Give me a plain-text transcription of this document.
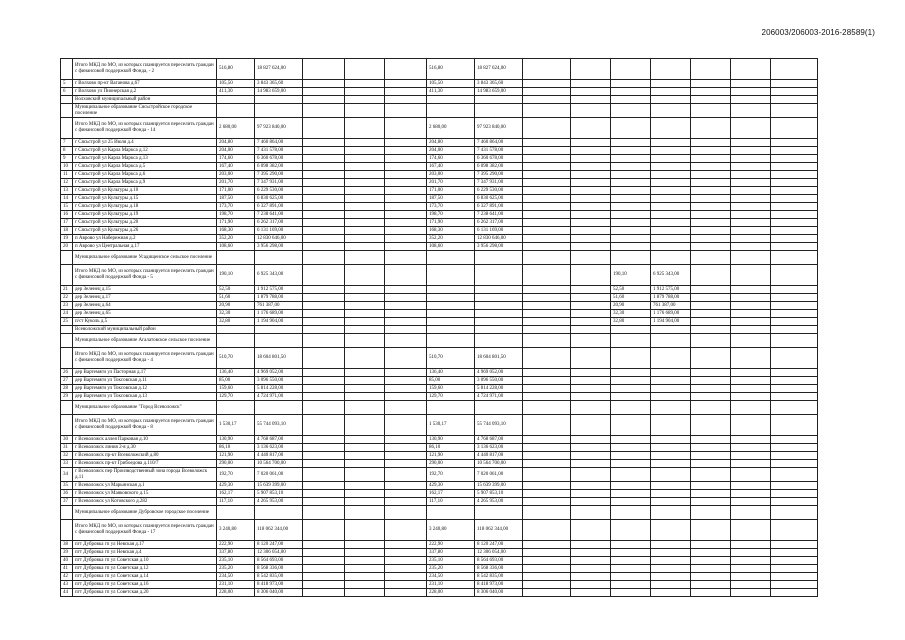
206003/206003-2016-28589(1)
	Итого МКД по МО, из которых планируется переселить граждан с финансовой поддержкой Фонда, - 2	516,80	18 827 624,00				516,80	18 827 624,00							
5	г Волхово пр-кт Ваганова д.67	105,50	3 843 365,60				105,50	3 843 365,60							
6	г Волхово ул Пионерская д.2	411,30	14 983 659,00				411,30	14 983 659,00							
	Волховский муниципальный район														
	Муниципальное образование Сясьстройское городское поселение														
	Итого МКД по МО, из которых планируется переселить граждан с финансовой поддержкой Фонда - 14	2 680,00	97 923 840,00				2 680,00	97 923 840,00							
7	г Сясьстрой ул 25 Июля д.4	204,80	7 460 864,00				204,80	7 460 864,00							
8	г Сясьстрой ул Карла Маркса д.12	204,00	7 431 578,00				204,00	7 431 578,00							
9	г Сясьстрой ул Карла Маркса д.13	174,60	6 360 678,00				174,60	6 360 678,00							
10	г Сясьстрой ул Карла Маркса д.5	167,40	6 098 382,00				167,40	6 098 382,00							
11	г Сясьстрой ул Карла Маркса д.6	203,00	7 395 290,00				203,00	7 395 290,00							
12	г Сясьстрой ул Карла Маркса д.9	201,70	7 347 931,00				201,70	7 347 931,00							
13	г Сясьстрой ул Культуры д.10	171,00	6 229 530,00				171,00	6 229 530,00							
14	г Сясьстрой ул Культуры д.15	187,50	6 830 625,00				187,50	6 830 625,00							
15	г Сясьстрой ул Культуры д.18	173,70	6 327 891,00				173,70	6 327 891,00							
16	г Сясьстрой ул Культуры д.19	198,70	7 238 641,00				198,70	7 238 641,00							
17	г Сясьстрой ул Культуры д.20	171,90	6 262 317,00				171,90	6 262 317,00							
18	г Сясьстрой ул Культуры д.26	168,30	6 131 169,00				168,30	6 131 169,00							
19	п Аврово ул Набережная д.2	352,20	12 830 646,00				352,20	12 830 646,00							
20	п Аврово ул Центральная д.17	108,60	3 956 298,00				108,60	3 956 298,00							
	Муниципальное образование Усадищенское сельское поселение														
	Итого МКД по МО, из которых планируется переселить граждан с финансовой поддержкой Фонда - 5	190,10	6 925 343,00								190,10	6 925 343,00			
21	дер Зеленец д.15	52,50	1 912 575,00								52,50	1 912 575,00			
22	дер Зеленец д.17	51,60	1 879 788,00								51,60	1 879 788,00			
23	дер Зеленец д.64	20,90	761 387,00								20,90	761 387,00			
24	дер Зеленец д.65	32,30	1 176 689,00								32,30	1 176 689,00			
25	п/ст Куколь д.5	32,80	1 194 904,00								32,80	1 194 904,00			
	Всеволожский муниципальный район														
	Муниципальное образование Агалатовское сельское поселение														
	Итого МКД по МО, из которых планируется переселить граждан с финансовой поддержкой Фонда - 4	510,70	18 604 801,50				510,70	18 604 801,50							
26	дер Вартемяги ул Пасторная д.17	136,40	4 969 052,00				136,40	4 969 052,00							
27	дер Вартемяги ул Токсовская д.11	85,00	3 096 550,00				85,00	3 096 550,00							
28	дер Вартемяги ул Токсовская д.12	159,60	5 814 228,00				159,60	5 814 228,00							
29	дер Вартемяги ул Токсовская д.13	129,70	4 724 971,00				129,70	4 724 971,00							
	Муниципальное образование "Город Всеволожск"														
	Итого МКД по МО, из которых планируется переселить граждан с финансовой поддержкой Фонда - 8	1 530,17	55 744 093,10				1 530,17	55 744 093,10							
30	г Всеволожск аллея Парковая д.10	130,90	4 768 687,00				130,90	4 768 687,00							
31	г Всеволожск линия 2-я д.30	86,10	3 136 623,00				86,10	3 136 623,00							
32	г Всеволожск пр-кт Всеволожский д.80	121,90	4 440 817,00				121,90	4 440 817,00							
33	г Всеволожск пр-кт Грибоедова д.110/7	290,00	10 564 700,00				290,00	10 564 700,00							
34	г Всеволожск пер Производственный зона города Всеволожск д.11	192,70	7 020 061,00				192,70	7 020 061,00							
35	г Всеволожск ул Марьинская д.1	429,30	15 639 399,00				429,30	15 639 399,00							
36	г Всеволожск ул Маяковского д.15	162,17	5 907 853,10				162,17	5 907 853,10							
37	г Всеволожск ул Котовского д.282	117,10	4 265 953,00				117,10	4 265 953,00							
	Муниципальное образование Дубровское городское поселение														
	Итого МКД по МО, из которых планируется переселить граждан с финансовой поддержкой Фонда - 17	3 240,80	118 062 344,00				3 240,80	118 062 344,00							
38	пгт Дубровка гп ул Невская д.17	222,90	8 120 247,00				222,90	8 120 247,00							
39	пгт Дубровка гп ул Невская д.4	337,80	12 306 054,00				337,80	12 306 054,00							
40	пгт Дубровка гп ул Советская д.10	235,10	8 564 693,00				235,10	8 564 693,00							
41	пгт Дубровка гп ул Советская д.12	235,20	8 568 336,00				235,20	8 568 336,00							
42	пгт Дубровка гп ул Советская д.14	234,50	8 542 835,00				234,50	8 542 835,00							
43	пгт Дубровка гп ул Советская д.16	231,10	8 418 973,00				231,10	8 418 973,00							
44	пгт Дубровка гп ул Советская д.20	228,00	8 306 040,00				228,00	8 306 040,00							
